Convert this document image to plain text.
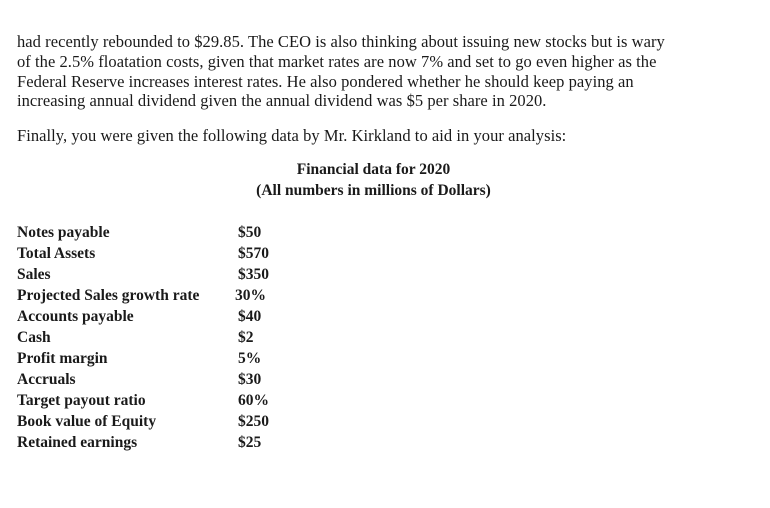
had recently rebounded to $29.85. The CEO is also thinking about issuing new stocks but is wary
of the 2.5% floatation costs, given that market rates are now 7% and set to go even higher as the
Federal Reserve increases interest rates. He also pondered whether he should keep paying an
increasing annual dividend given the annual dividend was $5 per share in 2020.

Finally, you were given the following data by Mr. Kirkland to aid in your analysis:

Financial data for 2020
(All numbers in millions of Dollars)
Notes payable	$50
Total Assets	$570
Sales	$350
Projected Sales growth rate 30%
Accounts payable	$40
Cash	$2
Profit margin	5%
Accruals	$30
Target payout ratio	60%
Book value of Equity	$250
Retained earnings	$25
